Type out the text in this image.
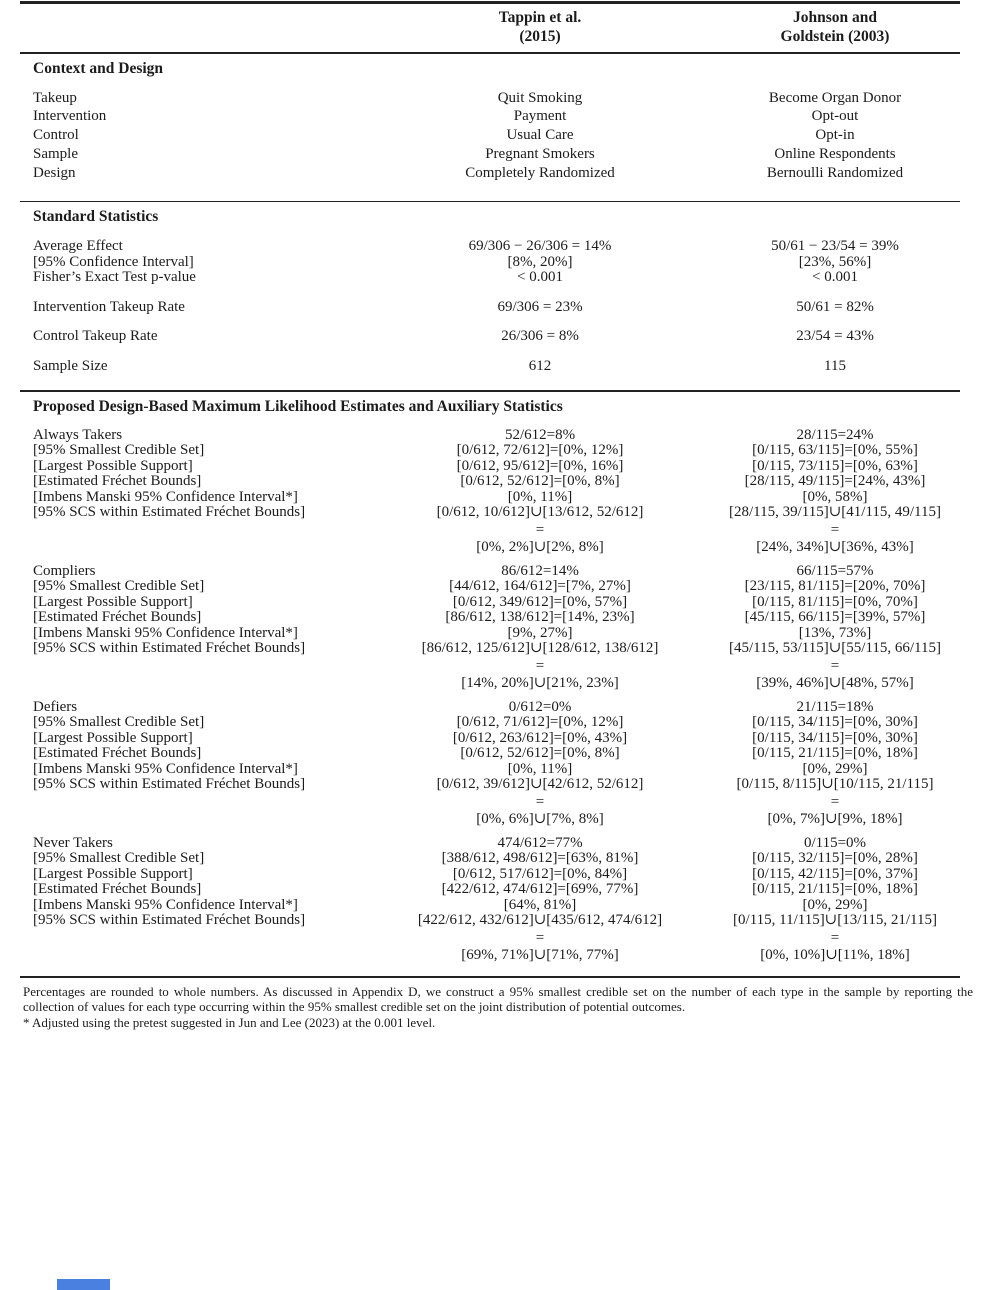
Tappin et al.
(2015)
Johnson and
Goldstein (2003)
Context and Design
Takeup	Quit Smoking	Become Organ Donor
Intervention	Payment	Opt-out
Control	Usual Care	Opt-in
Sample	Pregnant Smokers	Online Respondents
Design	Completely Randomized	Bernoulli Randomized
Standard Statistics
Average Effect	69/306 − 26/306 = 14%	50/61 − 23/54 = 39%
[95% Confidence Interval]	[8%, 20%]	[23%, 56%]
Fisher’s Exact Test p-value	< 0.001	< 0.001
Intervention Takeup Rate	69/306 = 23%	50/61 = 82%
Control Takeup Rate	26/306 = 8%	23/54 = 43%
Sample Size	612	115
Proposed Design-Based Maximum Likelihood Estimates and Auxiliary Statistics
Always Takers	52/612=8%	28/115=24%
[95% Smallest Credible Set]	[0/612, 72/612]=[0%, 12%]	[0/115, 63/115]=[0%, 55%]
[Largest Possible Support]	[0/612, 95/612]=[0%, 16%]	[0/115, 73/115]=[0%, 63%]
[Estimated Fréchet Bounds]	[0/612, 52/612]=[0%, 8%]	[28/115, 49/115]=[24%, 43%]
[Imbens Manski 95% Confidence Interval*]	[0%, 11%]	[0%, 58%]
[95% SCS within Estimated Fréchet Bounds]	[0/612, 10/612]∪[13/612, 52/612]	[28/115, 39/115]∪[41/115, 49/115]
=	=
[0%, 2%]∪[2%, 8%]	[24%, 34%]∪[36%, 43%]
Compliers	86/612=14%	66/115=57%
[95% Smallest Credible Set]	[44/612, 164/612]=[7%, 27%]	[23/115, 81/115]=[20%, 70%]
[Largest Possible Support]	[0/612, 349/612]=[0%, 57%]	[0/115, 81/115]=[0%, 70%]
[Estimated Fréchet Bounds]	[86/612, 138/612]=[14%, 23%]	[45/115, 66/115]=[39%, 57%]
[Imbens Manski 95% Confidence Interval*]	[9%, 27%]	[13%, 73%]
[95% SCS within Estimated Fréchet Bounds]	[86/612, 125/612]∪[128/612, 138/612]	[45/115, 53/115]∪[55/115, 66/115]
=	=
[14%, 20%]∪[21%, 23%]	[39%, 46%]∪[48%, 57%]
Defiers	0/612=0%	21/115=18%
[95% Smallest Credible Set]	[0/612, 71/612]=[0%, 12%]	[0/115, 34/115]=[0%, 30%]
[Largest Possible Support]	[0/612, 263/612]=[0%, 43%]	[0/115, 34/115]=[0%, 30%]
[Estimated Fréchet Bounds]	[0/612, 52/612]=[0%, 8%]	[0/115, 21/115]=[0%, 18%]
[Imbens Manski 95% Confidence Interval*]	[0%, 11%]	[0%, 29%]
[95% SCS within Estimated Fréchet Bounds]	[0/612, 39/612]∪[42/612, 52/612]	[0/115, 8/115]∪[10/115, 21/115]
=	=
[0%, 6%]∪[7%, 8%]	[0%, 7%]∪[9%, 18%]
Never Takers	474/612=77%	0/115=0%
[95% Smallest Credible Set]	[388/612, 498/612]=[63%, 81%]	[0/115, 32/115]=[0%, 28%]
[Largest Possible Support]	[0/612, 517/612]=[0%, 84%]	[0/115, 42/115]=[0%, 37%]
[Estimated Fréchet Bounds]	[422/612, 474/612]=[69%, 77%]	[0/115, 21/115]=[0%, 18%]
[Imbens Manski 95% Confidence Interval*]	[64%, 81%]	[0%, 29%]
[95% SCS within Estimated Fréchet Bounds]	[422/612, 432/612]∪[435/612, 474/612]	[0/115, 11/115]∪[13/115, 21/115]
=	=
[69%, 71%]∪[71%, 77%]	[0%, 10%]∪[11%, 18%]

Percentages are rounded to whole numbers. As discussed in Appendix D, we construct a 95% smallest credible set on the number of each type in the sample by reporting the collection of values for each type occurring within the 95% smallest credible set on the joint distribution of potential outcomes.

* Adjusted using the pretest suggested in Jun and Lee (2023) at the 0.001 level.
